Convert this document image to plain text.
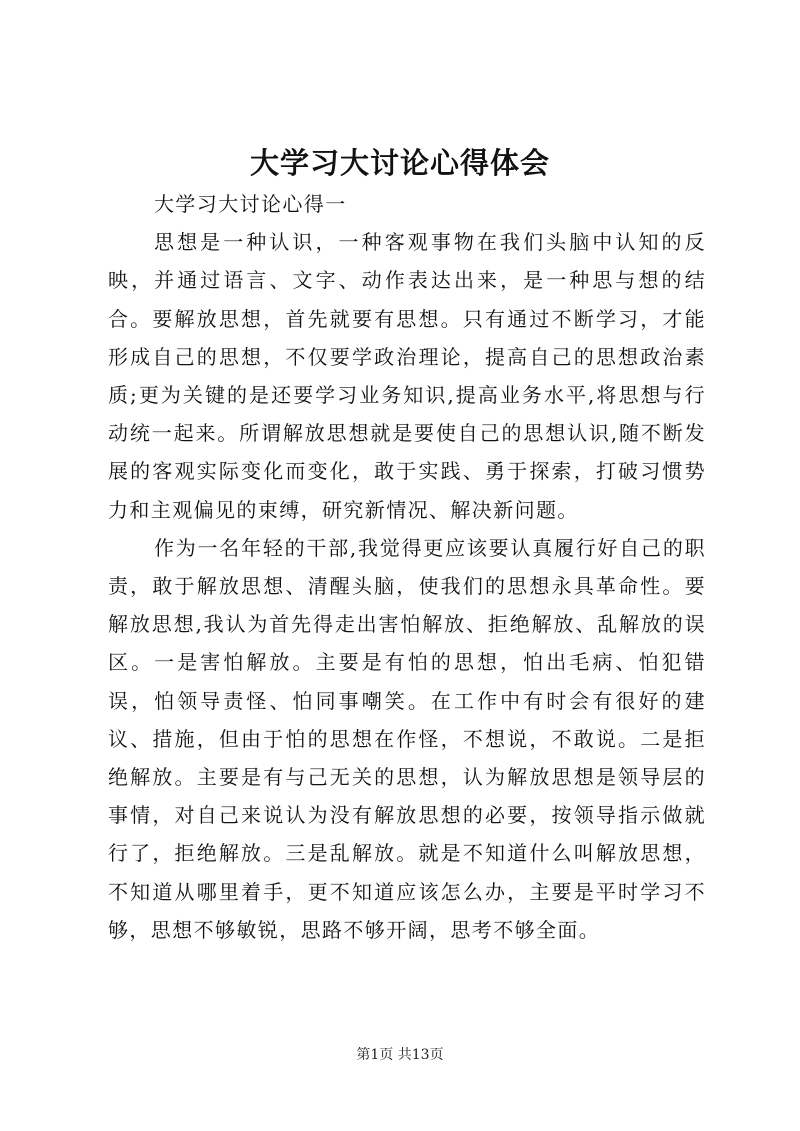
大学习大讨论心得体会

大学习大讨论心得一

思想是一种认识，一种客观事物在我们头脑中认知的反映，并通过语言、文字、动作表达出来，是一种思与想的结合。要解放思想，首先就要有思想。只有通过不断学习，才能形成自己的思想，不仅要学政治理论，提高自己的思想政治素质;更为关键的是还要学习业务知识,提高业务水平,将思想与行动统一起来。所谓解放思想就是要使自己的思想认识,随不断发展的客观实际变化而变化，敢于实践、勇于探索，打破习惯势力和主观偏见的束缚，研究新情况、解决新问题。

作为一名年轻的干部,我觉得更应该要认真履行好自己的职责，敢于解放思想、清醒头脑，使我们的思想永具革命性。要解放思想,我认为首先得走出害怕解放、拒绝解放、乱解放的误区。一是害怕解放。主要是有怕的思想，怕出毛病、怕犯错误，怕领导责怪、怕同事嘲笑。在工作中有时会有很好的建议、措施，但由于怕的思想在作怪，不想说，不敢说。二是拒绝解放。主要是有与己无关的思想，认为解放思想是领导层的事情，对自己来说认为没有解放思想的必要，按领导指示做就行了，拒绝解放。三是乱解放。就是不知道什么叫解放思想，不知道从哪里着手，更不知道应该怎么办，主要是平时学习不够，思想不够敏锐，思路不够开阔，思考不够全面。

第1页 共13页
